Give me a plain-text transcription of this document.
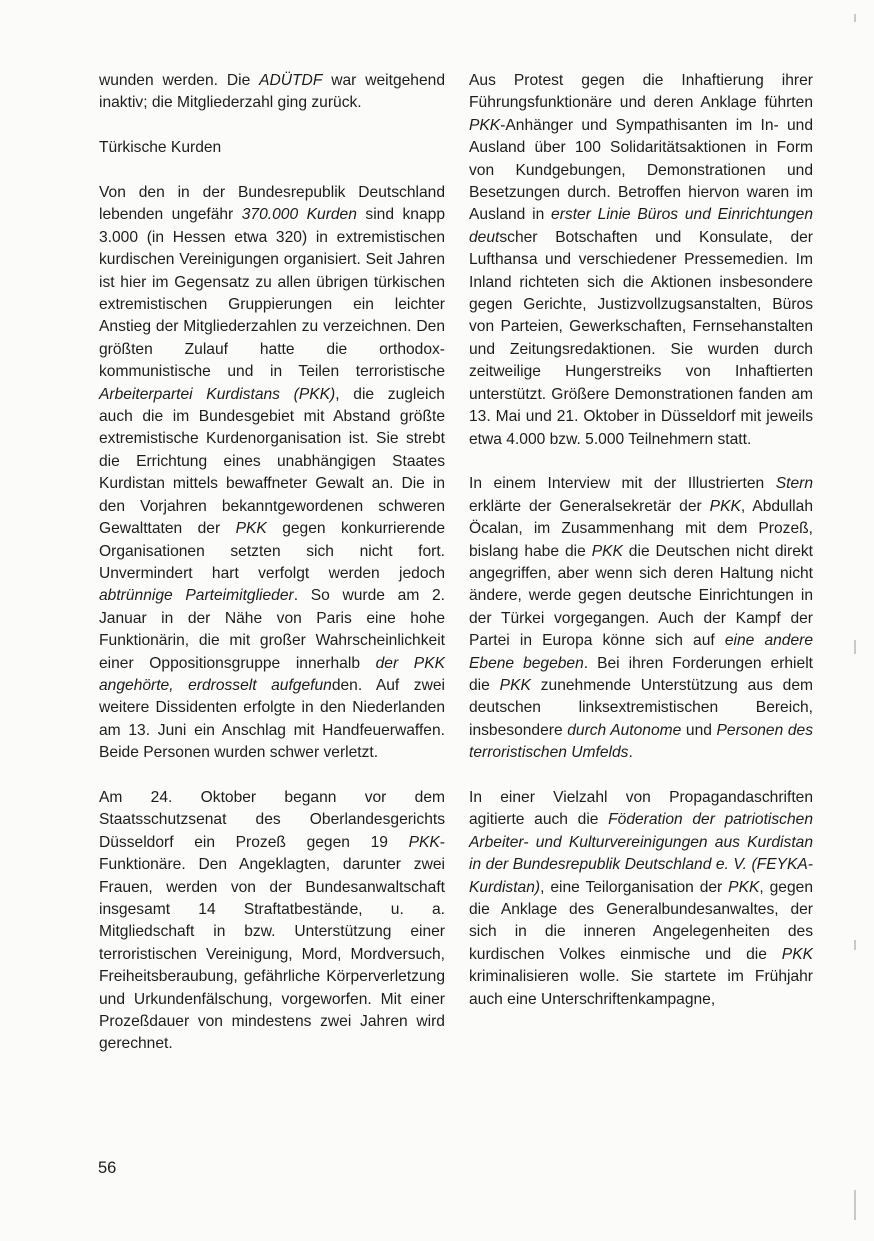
wunden werden. Die ADÜTDF war weitgehend inaktiv; die Mitgliederzahl ging zurück.

Türkische Kurden

Von den in der Bundesrepublik Deutschland lebenden ungefähr 370.000 Kurden sind knapp 3.000 (in Hessen etwa 320) in extremistischen kurdischen Vereinigungen organisiert. Seit Jahren ist hier im Gegensatz zu allen übrigen türkischen extremistischen Gruppierungen ein leichter Anstieg der Mitgliederzahlen zu verzeichnen. Den größten Zulauf hatte die orthodox-kommunistische und in Teilen terroristische Arbeiterpartei Kurdistans (PKK), die zugleich auch die im Bundesgebiet mit Abstand größte extremistische Kurdenorganisation ist. Sie strebt die Errichtung eines unabhängigen Staates Kurdistan mittels bewaffneter Gewalt an. Die in den Vorjahren bekanntgewordenen schweren Gewalttaten der PKK gegen konkurrierende Organisationen setzten sich nicht fort. Unvermindert hart verfolgt werden jedoch abtrünnige Parteimitglieder. So wurde am 2. Januar in der Nähe von Paris eine hohe Funktionärin, die mit großer Wahrscheinlichkeit einer Oppositionsgruppe innerhalb der PKK angehörte, erdrosselt aufgefunden. Auf zwei weitere Dissidenten erfolgte in den Niederlanden am 13. Juni ein Anschlag mit Handfeuerwaffen. Beide Personen wurden schwer verletzt.

Am 24. Oktober begann vor dem Staatsschutzsenat des Oberlandesgerichts Düsseldorf ein Prozeß gegen 19 PKK-Funktionäre. Den Angeklagten, darunter zwei Frauen, werden von der Bundesanwaltschaft insgesamt 14 Straftatbestände, u. a. Mitgliedschaft in bzw. Unterstützung einer terroristischen Vereinigung, Mord, Mordversuch, Freiheitsberaubung, gefährliche Körperverletzung und Urkundenfälschung, vorgeworfen. Mit einer Prozeßdauer von mindestens zwei Jahren wird gerechnet.

Aus Protest gegen die Inhaftierung ihrer Führungsfunktionäre und deren Anklage führten PKK-Anhänger und Sympathisanten im In- und Ausland über 100 Solidaritätsaktionen in Form von Kundgebungen, Demonstrationen und Besetzungen durch. Betroffen hiervon waren im Ausland in erster Linie Büros und Einrichtungen deutscher Botschaften und Konsulate, der Lufthansa und verschiedener Pressemedien. Im Inland richteten sich die Aktionen insbesondere gegen Gerichte, Justizvollzugsanstalten, Büros von Parteien, Gewerkschaften, Fernsehanstalten und Zeitungsredaktionen. Sie wurden durch zeitweilige Hungerstreiks von Inhaftierten unterstützt. Größere Demonstrationen fanden am 13. Mai und 21. Oktober in Düsseldorf mit jeweils etwa 4.000 bzw. 5.000 Teilnehmern statt.

In einem Interview mit der Illustrierten Stern erklärte der Generalsekretär der PKK, Abdullah Öcalan, im Zusammenhang mit dem Prozeß, bislang habe die PKK die Deutschen nicht direkt angegriffen, aber wenn sich deren Haltung nicht ändere, werde gegen deutsche Einrichtungen in der Türkei vorgegangen. Auch der Kampf der Partei in Europa könne sich auf eine andere Ebene begeben. Bei ihren Forderungen erhielt die PKK zunehmende Unterstützung aus dem deutschen linksextremistischen Bereich, insbesondere durch Autonome und Personen des terroristischen Umfelds.

In einer Vielzahl von Propagandaschriften agitierte auch die Föderation der patriotischen Arbeiter- und Kulturvereinigungen aus Kurdistan in der Bundesrepublik Deutschland e. V. (FEYKA-Kurdistan), eine Teilorganisation der PKK, gegen die Anklage des Generalbundesanwaltes, der sich in die inneren Angelegenheiten des kurdischen Volkes einmische und die PKK kriminalisieren wolle. Sie startete im Frühjahr auch eine Unterschriftenkampagne,

56
